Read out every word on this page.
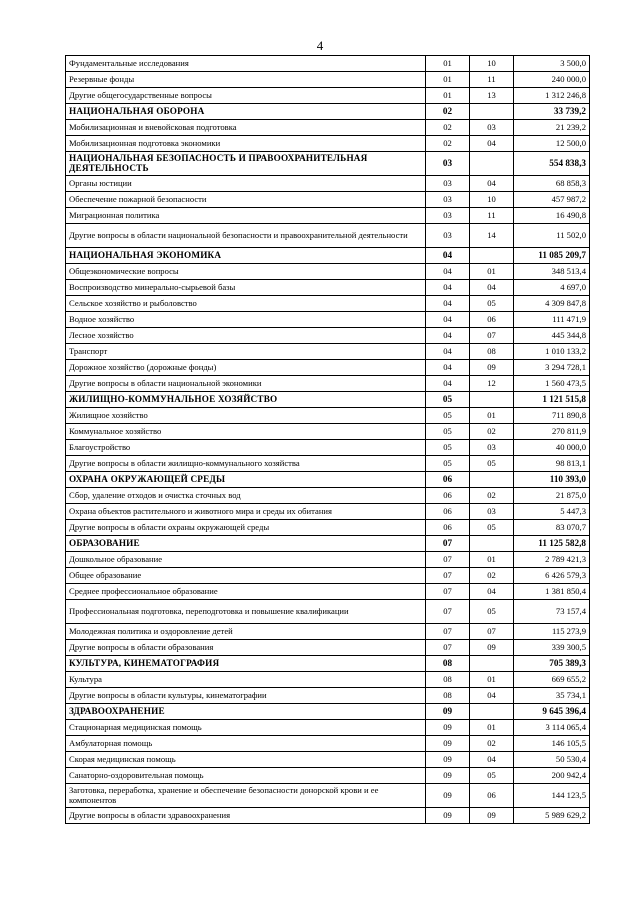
4
Фундаментальные исследования	01	10	3 500,0
Резервные фонды	01	11	240 000,0
Другие общегосударственные вопросы	01	13	1 312 246,8
НАЦИОНАЛЬНАЯ ОБОРОНА	02		33 739,2
Мобилизационная и вневойсковая подготовка	02	03	21 239,2
Мобилизационная подготовка экономики	02	04	12 500,0
НАЦИОНАЛЬНАЯ БЕЗОПАСНОСТЬ И ПРАВООХРАНИТЕЛЬНАЯ ДЕЯТЕЛЬНОСТЬ	03		554 838,3
Органы юстиции	03	04	68 858,3
Обеспечение пожарной безопасности	03	10	457 987,2
Миграционная политика	03	11	16 490,8
Другие вопросы в области национальной безопасности и правоохранительной деятельности	03	14	11 502,0
НАЦИОНАЛЬНАЯ ЭКОНОМИКА	04		11 085 209,7
Общеэкономические вопросы	04	01	348 513,4
Воспроизводство минерально-сырьевой базы	04	04	4 697,0
Сельское хозяйство и рыболовство	04	05	4 309 847,8
Водное хозяйство	04	06	111 471,9
Лесное хозяйство	04	07	445 344,8
Транспорт	04	08	1 010 133,2
Дорожное хозяйство (дорожные фонды)	04	09	3 294 728,1
Другие вопросы в области национальной экономики	04	12	1 560 473,5
ЖИЛИЩНО-КОММУНАЛЬНОЕ ХОЗЯЙСТВО	05		1 121 515,8
Жилищное хозяйство	05	01	711 890,8
Коммунальное хозяйство	05	02	270 811,9
Благоустройство	05	03	40 000,0
Другие вопросы в области жилищно-коммунального хозяйства	05	05	98 813,1
ОХРАНА ОКРУЖАЮЩЕЙ СРЕДЫ	06		110 393,0
Сбор, удаление отходов и очистка сточных вод	06	02	21 875,0
Охрана объектов растительного и животного мира и среды их обитания	06	03	5 447,3
Другие вопросы в области охраны окружающей среды	06	05	83 070,7
ОБРАЗОВАНИЕ	07		11 125 582,8
Дошкольное образование	07	01	2 789 421,3
Общее образование	07	02	6 426 579,3
Среднее профессиональное образование	07	04	1 381 850,4
Профессиональная подготовка, переподготовка и повышение квалификации	07	05	73 157,4
Молодежная политика и оздоровление детей	07	07	115 273,9
Другие вопросы в области образования	07	09	339 300,5
КУЛЬТУРА, КИНЕМАТОГРАФИЯ	08		705 389,3
Культура	08	01	669 655,2
Другие вопросы в области культуры, кинематографии	08	04	35 734,1
ЗДРАВООХРАНЕНИЕ	09		9 645 396,4
Стационарная медицинская помощь	09	01	3 114 065,4
Амбулаторная помощь	09	02	146 105,5
Скорая медицинская помощь	09	04	50 530,4
Санаторно-оздоровительная помощь	09	05	200 942,4
Заготовка, переработка, хранение и обеспечение безопасности донорской крови и ее компонентов	09	06	144 123,5
Другие вопросы в области здравоохранения	09	09	5 989 629,2
